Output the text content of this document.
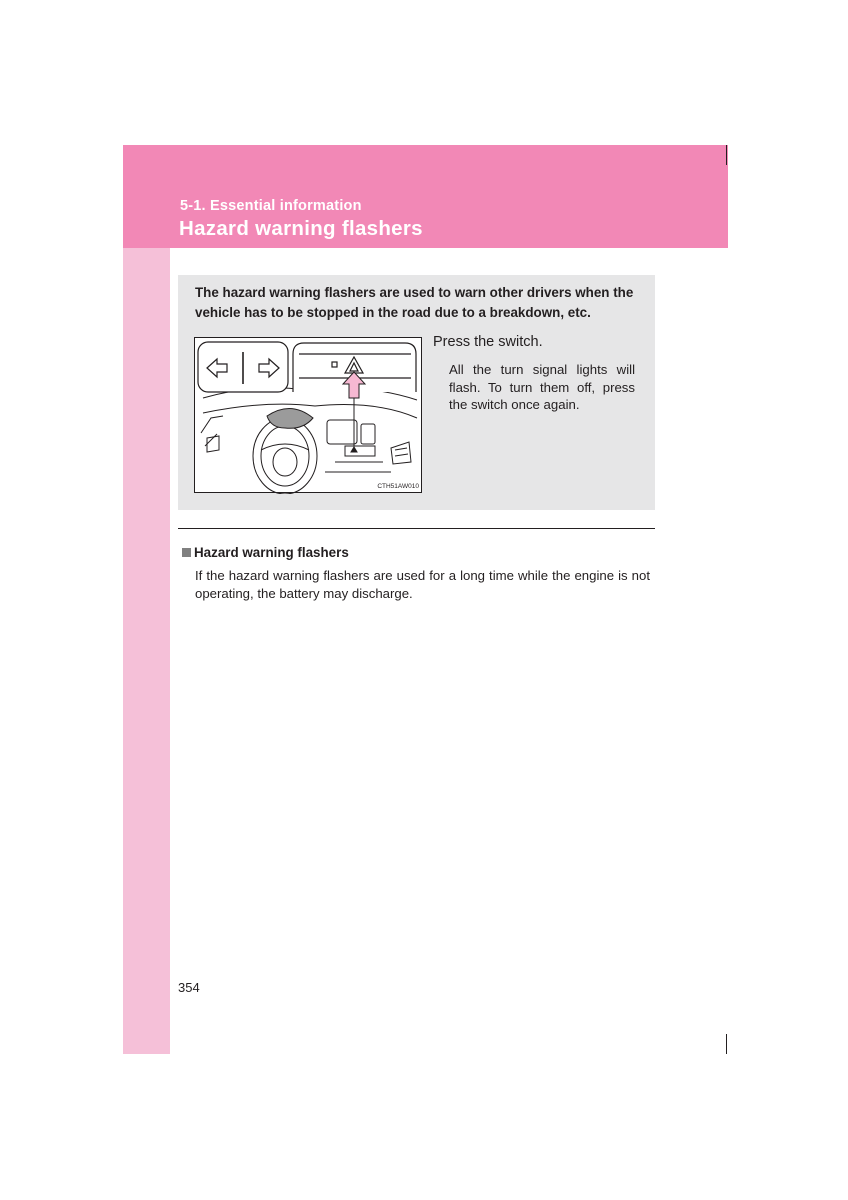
5-1. Essential information
Hazard warning flashers
The hazard warning flashers are used to warn other drivers when the vehicle has to be stopped in the road due to a breakdown, etc.
CTH51AW010
Press the switch.
All the turn signal lights will flash. To turn them off, press the switch once again.
Hazard warning flashers
If the hazard warning flashers are used for a long time while the engine is not operating, the battery may discharge.
354
